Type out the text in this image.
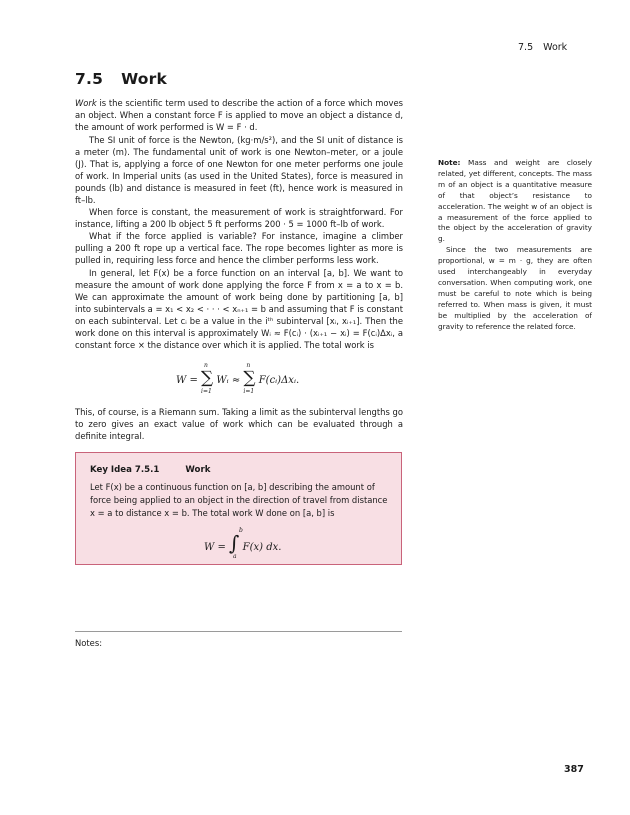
7.5 Work
7.5 Work

Work is the scientific term used to describe the action of a force which moves an object. When a constant force F is applied to move an object a distance d, the amount of work performed is W = F · d.

The SI unit of force is the Newton, (kg·m/s²), and the SI unit of distance is a meter (m). The fundamental unit of work is one Newton–meter, or a joule (J). That is, applying a force of one Newton for one meter performs one joule of work. In Imperial units (as used in the United States), force is measured in pounds (lb) and distance is measured in feet (ft), hence work is measured in ft–lb.

When force is constant, the measurement of work is straightforward. For instance, lifting a 200 lb object 5 ft performs 200 · 5 = 1000 ft–lb of work.

What if the force applied is variable? For instance, imagine a climber pulling a 200 ft rope up a vertical face. The rope becomes lighter as more is pulled in, requiring less force and hence the climber performs less work.

In general, let F(x) be a force function on an interval [a, b]. We want to measure the amount of work done applying the force F from x = a to x = b. We can approximate the amount of work being done by partitioning [a, b] into subintervals a = x₁ < x₂ < · · · < xₙ₊₁ = b and assuming that F is constant on each subinterval. Let cᵢ be a value in the iᵗʰ subinterval [xᵢ, xᵢ₊₁]. Then the work done on this interval is approximately Wᵢ ≈ F(cᵢ) · (xᵢ₊₁ − xᵢ) = F(cᵢ)Δxᵢ, a constant force × the distance over which it is applied. The total work is

W = ∑
n
i=1
Wᵢ ≈ ∑
n
i=1
F(cᵢ)Δxᵢ.

This, of course, is a Riemann sum. Taking a limit as the subinterval lengths go to zero gives an exact value of work which can be evaluated through a definite integral.

Key Idea 7.5.1	Work
Let F(x) be a continuous function on [a, b] describing the amount of force being applied to an object in the direction of travel from distance x = a to distance x = b. The total work W done on [a, b] is
W = ∫
b
a
F(x) dx.

Note: Mass and weight are closely related, yet different, concepts. The mass m of an object is a quantitative measure of that object’s resistance to acceleration. The weight w of an object is a measurement of the force applied to the object by the acceleration of gravity g.

Since the two measurements are proportional, w = m · g, they are often used interchangeably in everyday conversation. When computing work, one must be careful to note which is being referred to. When mass is given, it must be multiplied by the acceleration of gravity to reference the related force.

Notes:
387
